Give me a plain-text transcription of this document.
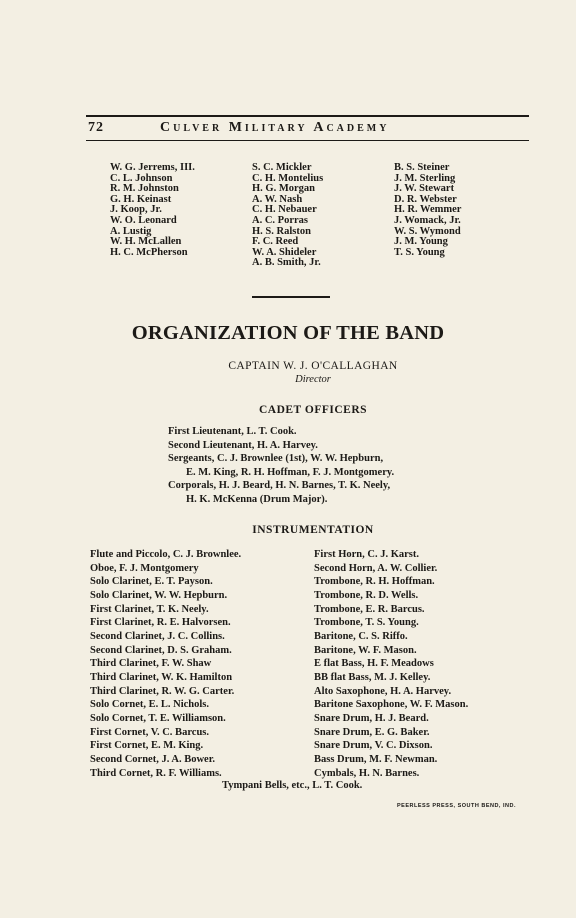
72	Culver Military Academy
W. G. Jerrems, III.
C. L. Johnson
R. M. Johnston
G. H. Keinast
J. Koop, Jr.
W. O. Leonard
A. Lustig
W. H. McLallen
H. C. McPherson
S. C. Mickler
C. H. Montelius
H. G. Morgan
A. W. Nash
C. H. Nebauer
A. C. Porras
H. S. Ralston
F. C. Reed
W. A. Shideler
A. B. Smith, Jr.
B. S. Steiner
J. M. Sterling
J. W. Stewart
D. R. Webster
H. R. Wemmer
J. Womack, Jr.
W. S. Wymond
J. M. Young
T. S. Young
ORGANIZATION OF THE BAND
CAPTAIN W. J. O'CALLAGHAN
Director
CADET OFFICERS
First Lieutenant, L. T. Cook.
Second Lieutenant, H. A. Harvey.
Sergeants, C. J. Brownlee (1st), W. W. Hepburn,
E. M. King, R. H. Hoffman, F. J. Montgomery.
Corporals, H. J. Beard, H. N. Barnes, T. K. Neely,
H. K. McKenna (Drum Major).
INSTRUMENTATION
Flute and Piccolo, C. J. Brownlee.
Oboe, F. J. Montgomery
Solo Clarinet, E. T. Payson.
Solo Clarinet, W. W. Hepburn.
First Clarinet, T. K. Neely.
First Clarinet, R. E. Halvorsen.
Second Clarinet, J. C. Collins.
Second Clarinet, D. S. Graham.
Third Clarinet, F. W. Shaw
Third Clarinet, W. K. Hamilton
Third Clarinet, R. W. G. Carter.
Solo Cornet, E. L. Nichols.
Solo Cornet, T. E. Williamson.
First Cornet, V. C. Barcus.
First Cornet, E. M. King.
Second Cornet, J. A. Bower.
Third Cornet, R. F. Williams.
First Horn, C. J. Karst.
Second Horn, A. W. Collier.
Trombone, R. H. Hoffman.
Trombone, R. D. Wells.
Trombone, E. R. Barcus.
Trombone, T. S. Young.
Baritone, C. S. Riffo.
Baritone, W. F. Mason.
E flat Bass, H. F. Meadows
BB flat Bass, M. J. Kelley.
Alto Saxophone, H. A. Harvey.
Baritone Saxophone, W. F. Mason.
Snare Drum, H. J. Beard.
Snare Drum, E. G. Baker.
Snare Drum, V. C. Dixson.
Bass Drum, M. F. Newman.
Cymbals, H. N. Barnes.
Tympani Bells, etc., L. T. Cook.
PEERLESS PRESS, SOUTH BEND, IND.
